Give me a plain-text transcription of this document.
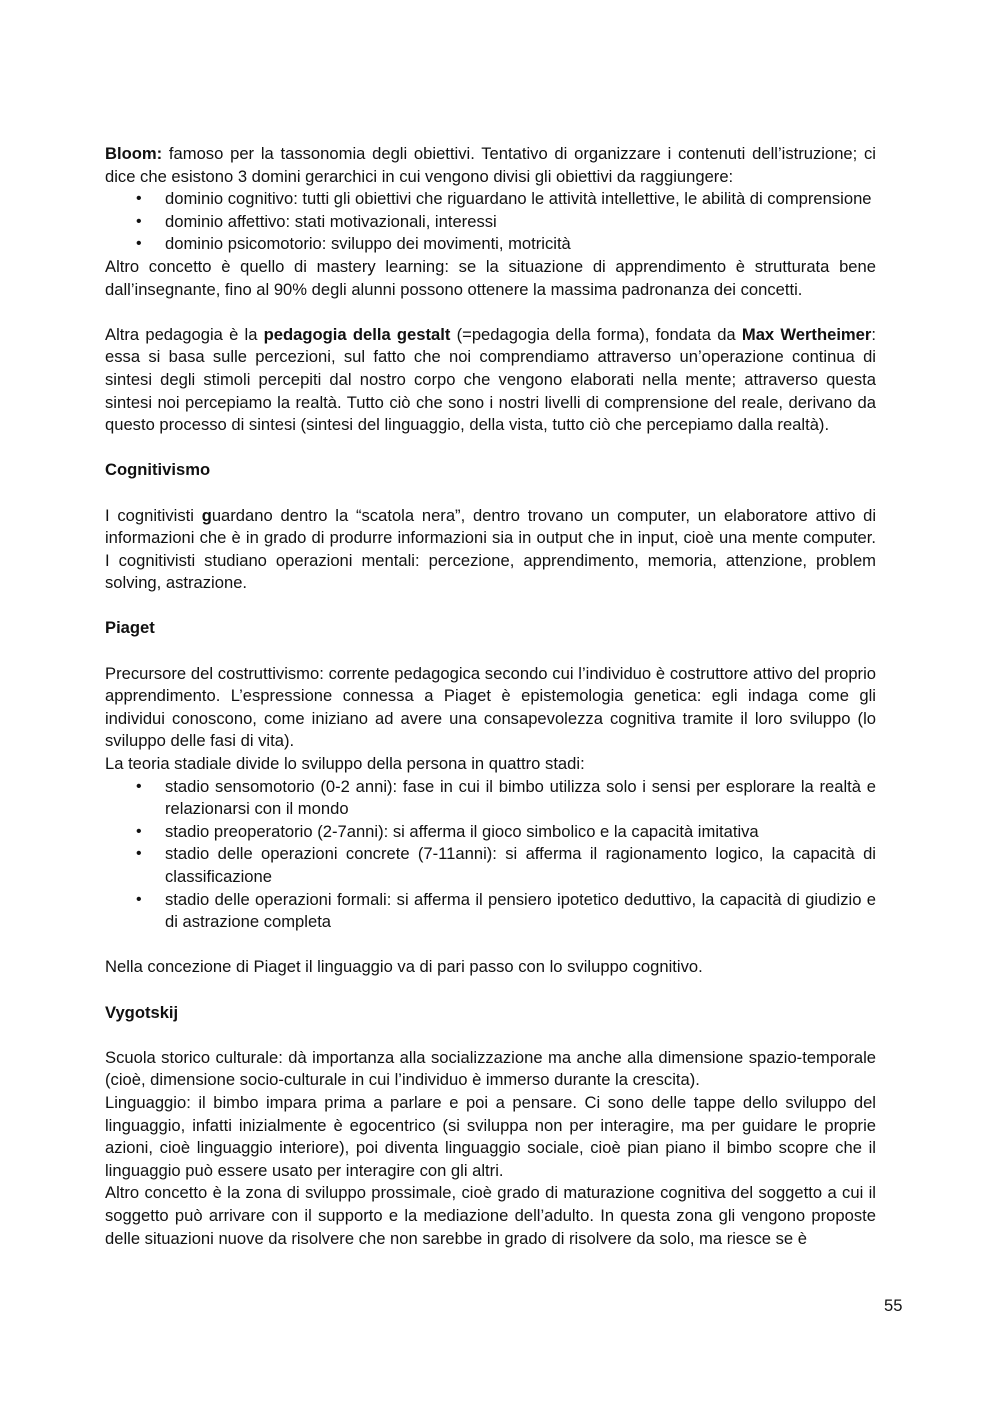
Bloom: famoso per la tassonomia degli obiettivi. Tentativo di organizzare i contenuti dell’istruzione; ci dice che esistono 3 domini gerarchici in cui vengono divisi gli obiettivi da raggiungere:

• dominio cognitivo: tutti gli obiettivi che riguardano le attività intellettive, le abilità di comprensione
• dominio affettivo: stati motivazionali, interessi
• dominio psicomotorio: sviluppo dei movimenti, motricità

Altro concetto è quello di mastery learning: se la situazione di apprendimento è strutturata bene dall’insegnante, fino al 90% degli alunni possono ottenere la massima padronanza dei concetti.

Altra pedagogia è la pedagogia della gestalt (=pedagogia della forma), fondata da Max Wertheimer: essa si basa sulle percezioni, sul fatto che noi comprendiamo attraverso un’operazione continua di sintesi degli stimoli percepiti dal nostro corpo che vengono elaborati nella mente; attraverso questa sintesi noi percepiamo la realtà. Tutto ciò che sono i nostri livelli di comprensione del reale, derivano da questo processo di sintesi (sintesi del linguaggio, della vista, tutto ciò che percepiamo dalla realtà).

Cognitivismo

I cognitivisti guardano dentro la “scatola nera”, dentro trovano un computer, un elaboratore attivo di informazioni che è in grado di produrre informazioni sia in output che in input, cioè una mente computer. I cognitivisti studiano operazioni mentali: percezione, apprendimento, memoria, attenzione, problem solving, astrazione.

Piaget

Precursore del costruttivismo: corrente pedagogica secondo cui l’individuo è costruttore attivo del proprio apprendimento. L’espressione connessa a Piaget è epistemologia genetica: egli indaga come gli individui conoscono, come iniziano ad avere una consapevolezza cognitiva tramite il loro sviluppo (lo sviluppo delle fasi di vita).

La teoria stadiale divide lo sviluppo della persona in quattro stadi:

• stadio sensomotorio (0-2 anni): fase in cui il bimbo utilizza solo i sensi per esplorare la realtà e relazionarsi con il mondo
• stadio preoperatorio (2-7anni): si afferma il gioco simbolico e la capacità imitativa
• stadio delle operazioni concrete (7-11anni): si afferma il ragionamento logico, la capacità di classificazione
• stadio delle operazioni formali: si afferma il pensiero ipotetico deduttivo, la capacità di giudizio e di astrazione completa

Nella concezione di Piaget il linguaggio va di pari passo con lo sviluppo cognitivo.

Vygotskij

Scuola storico culturale: dà importanza alla socializzazione ma anche alla dimensione spazio-temporale (cioè, dimensione socio-culturale in cui l’individuo è immerso durante la crescita).

Linguaggio: il bimbo impara prima a parlare e poi a pensare. Ci sono delle tappe dello sviluppo del linguaggio, infatti inizialmente è egocentrico (si sviluppa non per interagire, ma per guidare le proprie azioni, cioè linguaggio interiore), poi diventa linguaggio sociale, cioè pian piano il bimbo scopre che il linguaggio può essere usato per interagire con gli altri.

Altro concetto è la zona di sviluppo prossimale, cioè grado di maturazione cognitiva del soggetto a cui il soggetto può arrivare con il supporto e la mediazione dell’adulto. In questa zona gli vengono proposte delle situazioni nuove da risolvere che non sarebbe in grado di risolvere da solo, ma riesce se è

55
